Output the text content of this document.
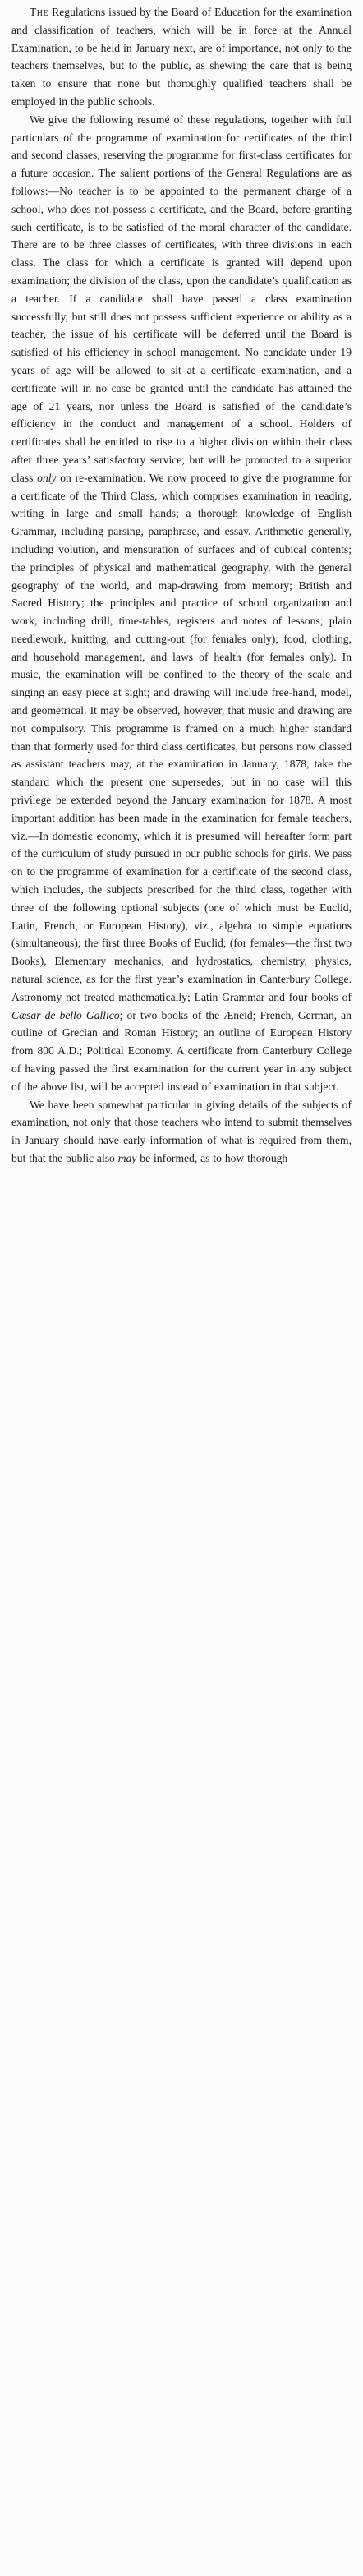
The Regulations issued by the Board of Education for the examination and classification of teachers, which will be in force at the Annual Examination, to be held in January next, are of importance, not only to the teachers themselves, but to the public, as shewing the care that is being taken to ensure that none but thoroughly qualified teachers shall be employed in the public schools.

We give the following resumé of these regulations, together with full particulars of the programme of examination for certificates of the third and second classes, reserving the programme for first-class certificates for a future occasion. The salient portions of the General Regulations are as follows:—No teacher is to be appointed to the permanent charge of a school, who does not possess a certificate, and the Board, before granting such certificate, is to be satisfied of the moral character of the candidate. There are to be three classes of certificates, with three divisions in each class. The class for which a certificate is granted will depend upon examination; the division of the class, upon the candidate’s qualification as a teacher. If a candidate shall have passed a class examination successfully, but still does not possess sufficient experience or ability as a teacher, the issue of his certificate will be deferred until the Board is satisfied of his efficiency in school management. No candidate under 19 years of age will be allowed to sit at a certificate examination, and a certificate will in no case be granted until the candidate has attained the age of 21 years, nor unless the Board is satisfied of the candidate’s efficiency in the conduct and management of a school. Holders of certificates shall be entitled to rise to a higher division within their class after three years’ satisfactory service; but will be promoted to a superior class only on re-examination. We now proceed to give the programme for a certificate of the Third Class, which comprises examination in reading, writing in large and small hands; a thorough knowledge of English Grammar, including parsing, paraphrase, and essay. Arithmetic generally, including volution, and mensuration of surfaces and of cubical contents; the principles of physical and mathematical geography, with the general geography of the world, and map-drawing from memory; British and Sacred History; the principles and practice of school organization and work, including drill, time-tables, registers and notes of lessons; plain needlework, knitting, and cutting-out (for females only); food, clothing, and household management, and laws of health (for females only). In music, the examination will be confined to the theory of the scale and singing an easy piece at sight; and drawing will include free-hand, model, and geometrical. It may be observed, however, that music and drawing are not compulsory. This programme is framed on a much higher standard than that formerly used for third class certificates, but persons now classed as assistant teachers may, at the examination in January, 1878, take the standard which the present one supersedes; but in no case will this privilege be extended beyond the January examination for 1878. A most important addition has been made in the examination for female teachers, viz.—In domestic economy, which it is presumed will hereafter form part of the curriculum of study pursued in our public schools for girls. We pass on to the programme of examination for a certificate of the second class, which includes, the subjects prescribed for the third class, together with three of the following optional subjects (one of which must be Euclid, Latin, French, or European History), viz., algebra to simple equations (simultaneous); the first three Books of Euclid; (for females—the first two Books), Elementary mechanics, and hydrostatics, chemistry, physics, natural science, as for the first year’s examination in Canterbury College. Astronomy not treated mathematically; Latin Grammar and four books of Cæsar de bello Gallico; or two books of the Æneid; French, German, an outline of Grecian and Roman History; an outline of European History from 800 A.D.; Political Economy. A certificate from Canterbury College of having passed the first examination for the current year in any subject of the above list, will be accepted instead of examination in that subject.

We have been somewhat particular in giving details of the subjects of examination, not only that those teachers who intend to submit themselves in January should have early information of what is required from them, but that the public also may be informed, as to how thorough
